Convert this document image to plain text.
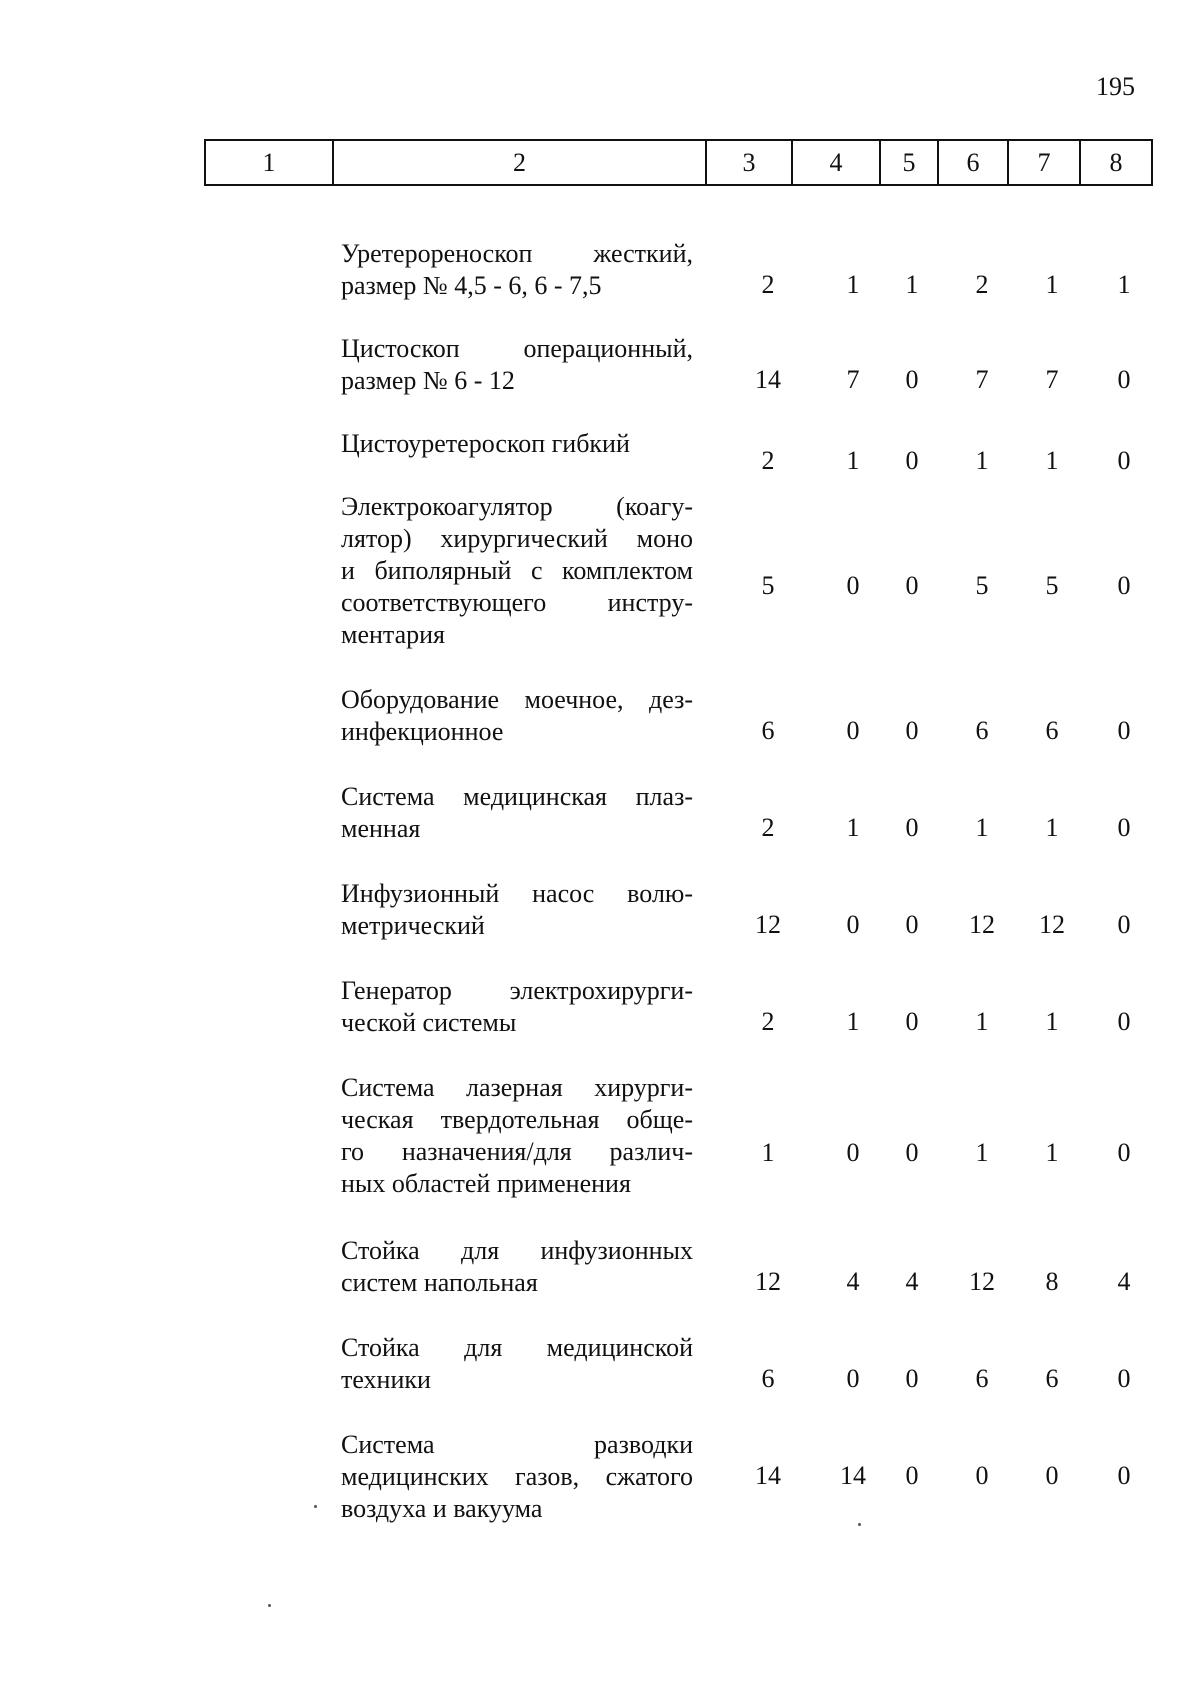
195
1	2	3	4	5	6	7	8
Уретерореноскоп жесткий,
размер № 4,5 - 6, 6 - 7,5	2	1	1	2	1	1
Цистоскоп операционный,
размер № 6 - 12	14	7	0	7	7	0
Цистоуретероскоп гибкий
2	1	0	1	1	0
Электрокоагулятор (коагу-
лятор) хирургический моно
и биполярный с комплектом
соответствующего инстру-
ментария
5	0	0	5	5	0
Оборудование моечное, дез-
инфекционное	6	0	0	6	6	0
Система медицинская плаз-
менная	2	1	0	1	1	0
Инфузионный насос волю-
метрический	12	0	0	12	12	0
Генератор электрохирурги-
ческой системы	2	1	0	1	1	0
Система лазерная хирурги-
ческая твердотельная обще-
го назначения/для различ-
ных областей применения
1	0	0	1	1	0
Стойка для инфузионных
систем напольная	12	4	4	12	8	4
Стойка для медицинской
техники	6	0	0	6	6	0
Система разводки
медицинских газов, сжатого
воздуха и вакуума
14	14	0	0	0	0
